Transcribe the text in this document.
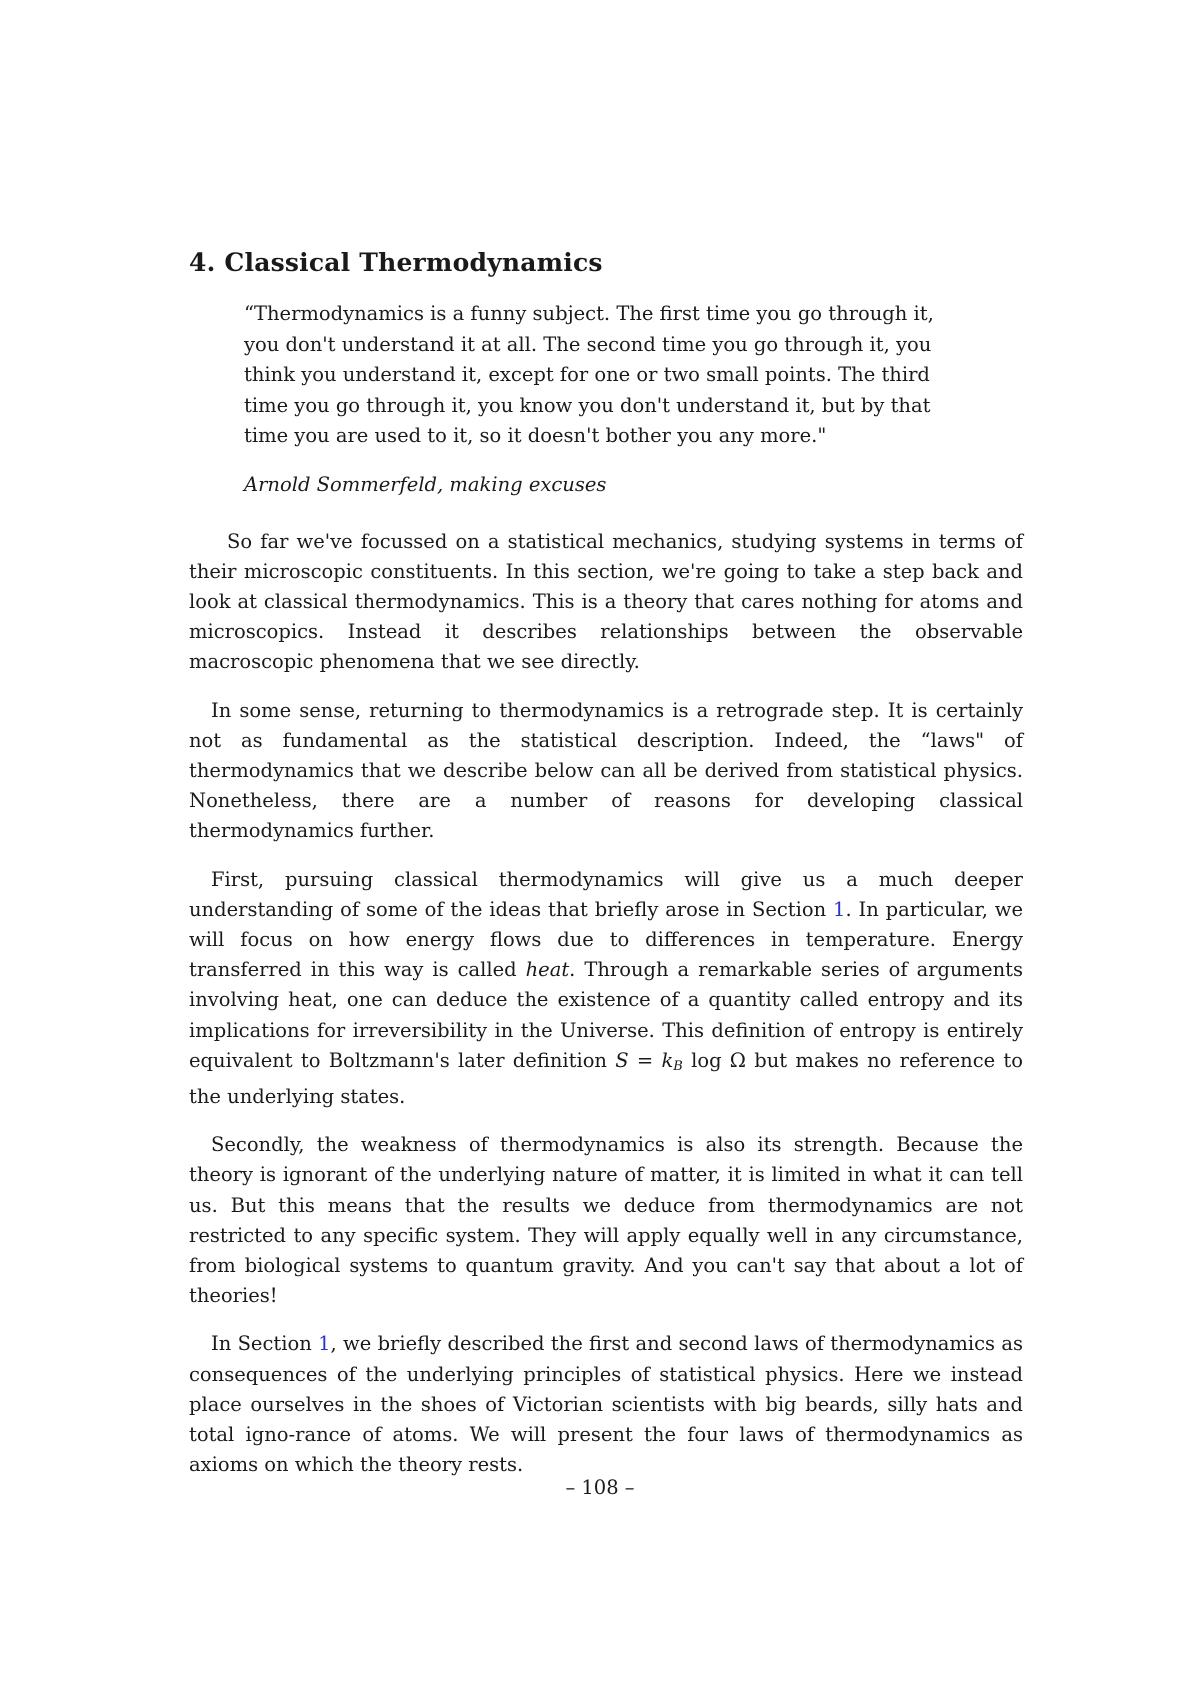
4. Classical Thermodynamics
“Thermodynamics is a funny subject. The first time you go through it, you don't understand it at all. The second time you go through it, you think you understand it, except for one or two small points. The third time you go through it, you know you don't understand it, but by that time you are used to it, so it doesn't bother you any more."
Arnold Sommerfeld, making excuses

So far we've focussed on a statistical mechanics, studying systems in terms of their microscopic constituents. In this section, we're going to take a step back and look at classical thermodynamics. This is a theory that cares nothing for atoms and microscopics. Instead it describes relationships between the observable macroscopic phenomena that we see directly.

In some sense, returning to thermodynamics is a retrograde step. It is certainly not as fundamental as the statistical description. Indeed, the “laws" of thermodynamics that we describe below can all be derived from statistical physics. Nonetheless, there are a number of reasons for developing classical thermodynamics further.

First, pursuing classical thermodynamics will give us a much deeper understanding of some of the ideas that briefly arose in Section 1. In particular, we will focus on how energy flows due to differences in temperature. Energy transferred in this way is called heat. Through a remarkable series of arguments involving heat, one can deduce the existence of a quantity called entropy and its implications for irreversibility in the Universe. This definition of entropy is entirely equivalent to Boltzmann's later definition $S = k_B$ log Ω but makes no reference to the underlying states.

Secondly, the weakness of thermodynamics is also its strength. Because the theory is ignorant of the underlying nature of matter, it is limited in what it can tell us. But this means that the results we deduce from thermodynamics are not restricted to any specific system. They will apply equally well in any circumstance, from biological systems to quantum gravity. And you can't say that about a lot of theories!

In Section 1, we briefly described the first and second laws of thermodynamics as consequences of the underlying principles of statistical physics. Here we instead place ourselves in the shoes of Victorian scientists with big beards, silly hats and total igno-rance of atoms. We will present the four laws of thermodynamics as axioms on which the theory rests.

– 108 –
